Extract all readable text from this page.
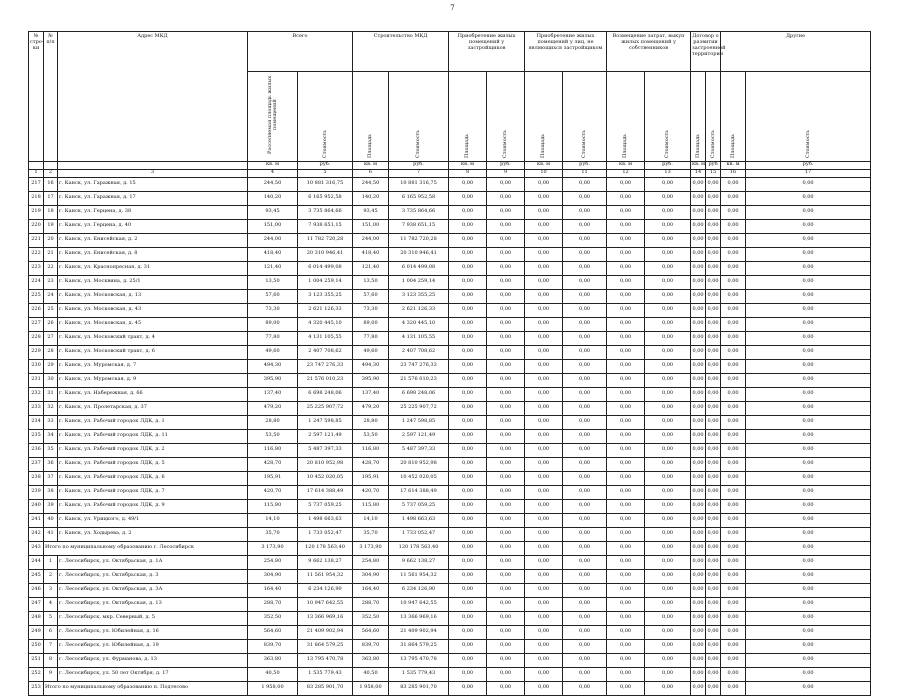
7
№ стро- ки	№ п/п	Адрес МКД	Всего		Строительство МКД		Приобретение жилых помещений у застройщиков		Приобретение жилых помещений у лиц, не являющихся застройщиком		Возмещение затрат, выкуп жилых помещений у собственников		Договор о развитии застроенной территории		Другие	
			Расселяемая площадь жилых помещений	Стоимость	Площадь	Стоимость	Площадь	Стоимость	Площадь	Стоимость	Площадь	Стоимость	Площадь	Стоимость	Площадь	Стоимость
			кв. м	руб.	кв. м	руб.	кв. м	руб.	кв. м	руб.	кв. м	руб.	кв. м	руб	кв. м	руб.
1	2	3	4	5	6	7	8	9	10	11	12	13	14	15	16	17
217	16	г. Канск, ул. Гаражная, д. 15	244,50	10 881 316,75	244,50	10 881 316,75	0,00	0,00	0,00	0,00	0,00	0,00	0,00	0,00	0,00	0,00
218	17	г. Канск, ул. Гаражная, д. 17	140,20	6 165 952,58	140,20	6 165 952,58	0,00	0,00	0,00	0,00	0,00	0,00	0,00	0,00	0,00	0,00
219	18	г. Канск, ул. Герцена, д. 38	93,45	3 735 864,66	93,45	3 735 864,66	0,00	0,00	0,00	0,00	0,00	0,00	0,00	0,00	0,00	0,00
220	19	г. Канск, ул. Герцена, д. 40	151,00	7 938 651,15	151,00	7 938 651,15	0,00	0,00	0,00	0,00	0,00	0,00	0,00	0,00	0,00	0,00
221	20	г. Канск, ул. Енисейская, д. 2	244,00	11 782 720,28	244,00	11 782 720,28	0,00	0,00	0,00	0,00	0,00	0,00	0,00	0,00	0,00	0,00
222	21	г. Канск, ул. Енисейская, д. 8	418,40	20 310 946,41	418,40	20 310 946,41	0,00	0,00	0,00	0,00	0,00	0,00	0,00	0,00	0,00	0,00
223	22	г. Канск, ул. Краснопресная, д. 31	121,40	6 014 499,08	121,40	6 014 499,08	0,00	0,00	0,00	0,00	0,00	0,00	0,00	0,00	0,00	0,00
224	23	г. Канск, ул. Москвина, д. 25/1	13,50	1 004 259,14	13,50	1 004 259,14	0,00	0,00	0,00	0,00	0,00	0,00	0,00	0,00	0,00	0,00
225	24	г. Канск, ул. Московская, д. 13	57,60	3 123 355,25	57,60	3 123 355,25	0,00	0,00	0,00	0,00	0,00	0,00	0,00	0,00	0,00	0,00
226	25	г. Канск, ул. Московская, д. 43	73,30	2 621 126,33	73,30	2 621 126,33	0,00	0,00	0,00	0,00	0,00	0,00	0,00	0,00	0,00	0,00
227	26	г. Канск, ул. Московская, д. 45	89,00	4 320 445,10	89,00	4 320 445,10	0,00	0,00	0,00	0,00	0,00	0,00	0,00	0,00	0,00	0,00
228	27	г. Канск, ул. Московский тракт, д. 4	77,80	4 131 105,55	77,80	4 131 105,55	0,00	0,00	0,00	0,00	0,00	0,00	0,00	0,00	0,00	0,00
229	28	г. Канск, ул. Московский тракт, д. 6	49,60	2 407 708,62	49,60	2 407 708,62	0,00	0,00	0,00	0,00	0,00	0,00	0,00	0,00	0,00	0,00
230	29	г. Канск, ул. Муромская, д. 7	494,30	23 747 276,33	494,30	23 747 276,33	0,00	0,00	0,00	0,00	0,00	0,00	0,00	0,00	0,00	0,00
231	30	г. Канск, ул. Муромская, д. 9	395,90	21 576 010,23	395,90	21 576 010,23	0,00	0,00	0,00	0,00	0,00	0,00	0,00	0,00	0,00	0,00
232	31	г. Канск, ул. Набережная, д. 66	137,40	6 698 248,06	137,40	6 698 248,06	0,00	0,00	0,00	0,00	0,00	0,00	0,00	0,00	0,00	0,00
233	32	г. Канск, ул. Пролетарская, д. 37	479,20	25 225 907,72	479,20	25 225 907,72	0,00	0,00	0,00	0,00	0,00	0,00	0,00	0,00	0,00	0,00
234	33	г. Канск, ул. Рабочий городок ЛДК, д. 1	28,80	1 247 598,85	28,80	1 247 598,85	0,00	0,00	0,00	0,00	0,00	0,00	0,00	0,00	0,00	0,00
235	34	г. Канск, ул. Рабочий городок ЛДК, д. 11	53,50	2 597 121,49	53,50	2 597 121,49	0,00	0,00	0,00	0,00	0,00	0,00	0,00	0,00	0,00	0,00
236	35	г. Канск, ул. Рабочий городок ЛДК, д. 2	116,80	5 487 397,33	116,80	5 487 397,33	0,00	0,00	0,00	0,00	0,00	0,00	0,00	0,00	0,00	0,00
237	36	г. Канск, ул. Рабочий городок ЛДК, д. 5	428,70	20 810 952,98	428,70	20 810 952,98	0,00	0,00	0,00	0,00	0,00	0,00	0,00	0,00	0,00	0,00
238	37	г. Канск, ул. Рабочий городок ЛДК, д. 6	195,91	10 452 020,05	195,91	10 452 020,05	0,00	0,00	0,00	0,00	0,00	0,00	0,00	0,00	0,00	0,00
239	38	г. Канск, ул. Рабочий городок ЛДК, д. 7	420,70	17 614 388,49	420,70	17 614 388,49	0,00	0,00	0,00	0,00	0,00	0,00	0,00	0,00	0,00	0,00
240	39	г. Канск, ул. Рабочий городок ЛДК, д. 9	115,80	5 737 059,25	115,80	5 737 059,25	0,00	0,00	0,00	0,00	0,00	0,00	0,00	0,00	0,00	0,00
241	40	г. Канск, ул. Урицкого, д. 49/1	14,10	1 498 663,63	14,10	1 498 663,63	0,00	0,00	0,00	0,00	0,00	0,00	0,00	0,00	0,00	0,00
242	41	г. Канск, ул. Ходырева, д. 2	35,70	1 733 052,47	35,70	1 733 052,47	0,00	0,00	0,00	0,00	0,00	0,00	0,00	0,00	0,00	0,00
243	Итого по муниципальному образованию г. Лесосибирск		3 173,90	120 178 563,40	3 173,90	120 178 563,40	0,00	0,00	0,00	0,00	0,00	0,00	0,00	0,00	0,00	0,00
244	1	г. Лесосибирск, ул. Октябрьская, д. 1А	254,80	9 662 138,27	254,80	9 662 138,27	0,00	0,00	0,00	0,00	0,00	0,00	0,00	0,00	0,00	0,00
245	2	г. Лесосибирск, ул. Октябрьская, д. 3	304,90	11 561 954,32	304,90	11 561 954,32	0,00	0,00	0,00	0,00	0,00	0,00	0,00	0,00	0,00	0,00
246	3	г. Лесосибирск, ул. Октябрьская, д. 3А	164,40	6 234 126,90	164,40	6 234 126,90	0,00	0,00	0,00	0,00	0,00	0,00	0,00	0,00	0,00	0,00
247	4	г. Лесосибирск, ул. Октябрьская, д. 13	288,70	10 947 642,55	288,70	10 947 642,55	0,00	0,00	0,00	0,00	0,00	0,00	0,00	0,00	0,00	0,00
248	5	г. Лесосибирск, мкр. Северный, д. 5	352,50	13 366 969,16	352,50	13 366 969,16	0,00	0,00	0,00	0,00	0,00	0,00	0,00	0,00	0,00	0,00
249	6	г. Лесосибирск, ул. Юбилейная, д. 16	564,60	21 409 902,94	564,60	21 409 902,94	0,00	0,00	0,00	0,00	0,00	0,00	0,00	0,00	0,00	0,00
250	7	г. Лесосибирск, ул. Юбилейная, д. 19	839,70	31 864 579,25	839,70	31 864 579,25	0,00	0,00	0,00	0,00	0,00	0,00	0,00	0,00	0,00	0,00
251	8	г. Лесосибирск, ул. Фурманова, д. 13	363,80	13 795 470,78	363,80	13 795 470,78	0,00	0,00	0,00	0,00	0,00	0,00	0,00	0,00	0,00	0,00
252	9	г. Лесосибирск, ул. 50 лет Октября, д. 17	40,50	1 535 779,43	40,50	1 535 779,43	0,00	0,00	0,00	0,00	0,00	0,00	0,00	0,00	0,00	0,00
253	Итого по муниципальному образованию п. Подтесово		1 958,00	83 285 901,70	1 958,00	83 285 901,70	0,00	0,00	0,00	0,00	0,00	0,00	0,00	0,00	0,00	0,00
